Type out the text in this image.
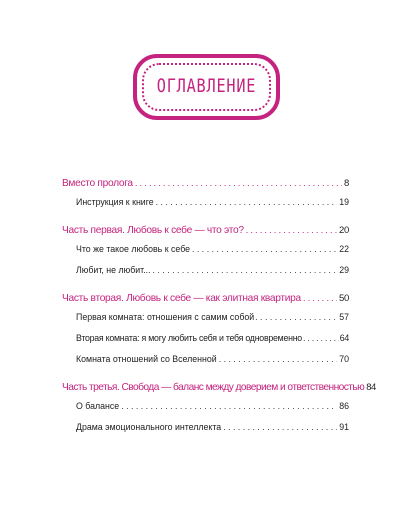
ОГЛАВЛЕНИЕ
Вместо пролога . . .	8
Инструкция к книге . . .	19
Часть первая. Любовь к себе — что это? . . .	20
Что же такое любовь к себе . . .	22
Любит, не любит... . . .	29
Часть вторая. Любовь к себе — как элитная квартира . . .	50
Первая комната: отношения с самим собой . . .	57
Вторая комната: я могу любить себя и тебя одновременно . . .	64
Комната отношений со Вселенной . . .	70
Часть третья. Свобода — баланс между доверием и ответственностью 84
О балансе . . .	86
Драма эмоционального интеллекта . . .	91
